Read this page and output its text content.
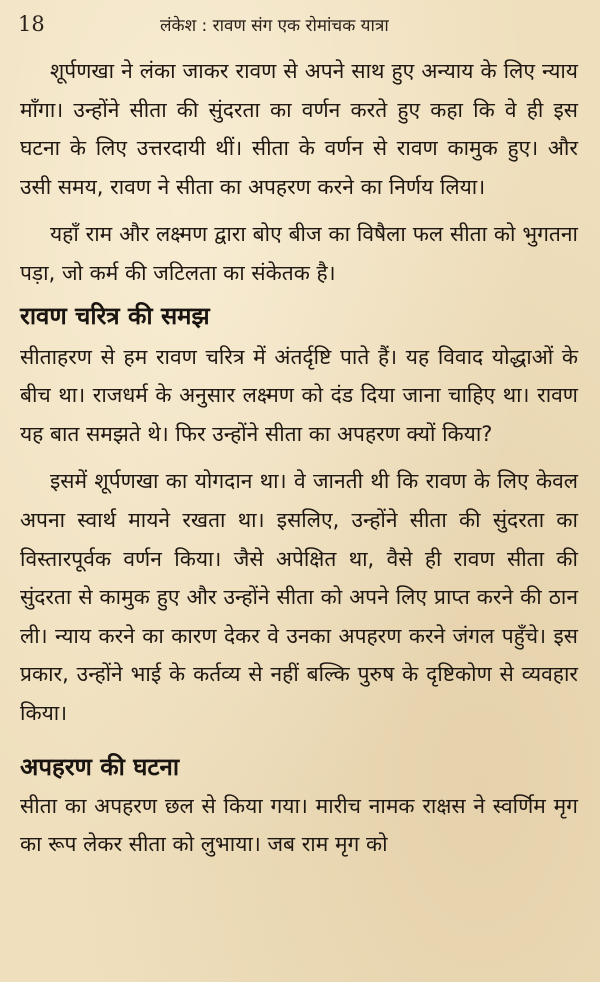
18	लंकेश : रावण संग एक रोमांचक यात्रा

शूर्पणखा ने लंका जाकर रावण से अपने साथ हुए अन्याय के लिए न्याय माँगा। उन्होंने सीता की सुंदरता का वर्णन करते हुए कहा कि वे ही इस घटना के लिए उत्तरदायी थीं। सीता के वर्णन से रावण कामुक हुए। और उसी समय, रावण ने सीता का अपहरण करने का निर्णय लिया।

यहाँ राम और लक्ष्मण द्वारा बोए बीज का विषैला फल सीता को भुगतना पड़ा, जो कर्म की जटिलता का संकेतक है।

रावण चरित्र की समझ

सीताहरण से हम रावण चरित्र में अंतर्दृष्टि पाते हैं। यह विवाद योद्धाओं के बीच था। राजधर्म के अनुसार लक्ष्मण को दंड दिया जाना चाहिए था। रावण यह बात समझते थे। फिर उन्होंने सीता का अपहरण क्यों किया?

इसमें शूर्पणखा का योगदान था। वे जानती थी कि रावण के लिए केवल अपना स्वार्थ मायने रखता था। इसलिए, उन्होंने सीता की सुंदरता का विस्तारपूर्वक वर्णन किया। जैसे अपेक्षित था, वैसे ही रावण सीता की सुंदरता से कामुक हुए और उन्होंने सीता को अपने लिए प्राप्त करने की ठान ली। न्याय करने का कारण देकर वे उनका अपहरण करने जंगल पहुँचे। इस प्रकार, उन्होंने भाई के कर्तव्य से नहीं बल्कि पुरुष के दृष्टिकोण से व्यवहार किया।

अपहरण की घटना

सीता का अपहरण छल से किया गया। मारीच नामक राक्षस ने स्वर्णिम मृग का रूप लेकर सीता को लुभाया। जब राम मृग को
